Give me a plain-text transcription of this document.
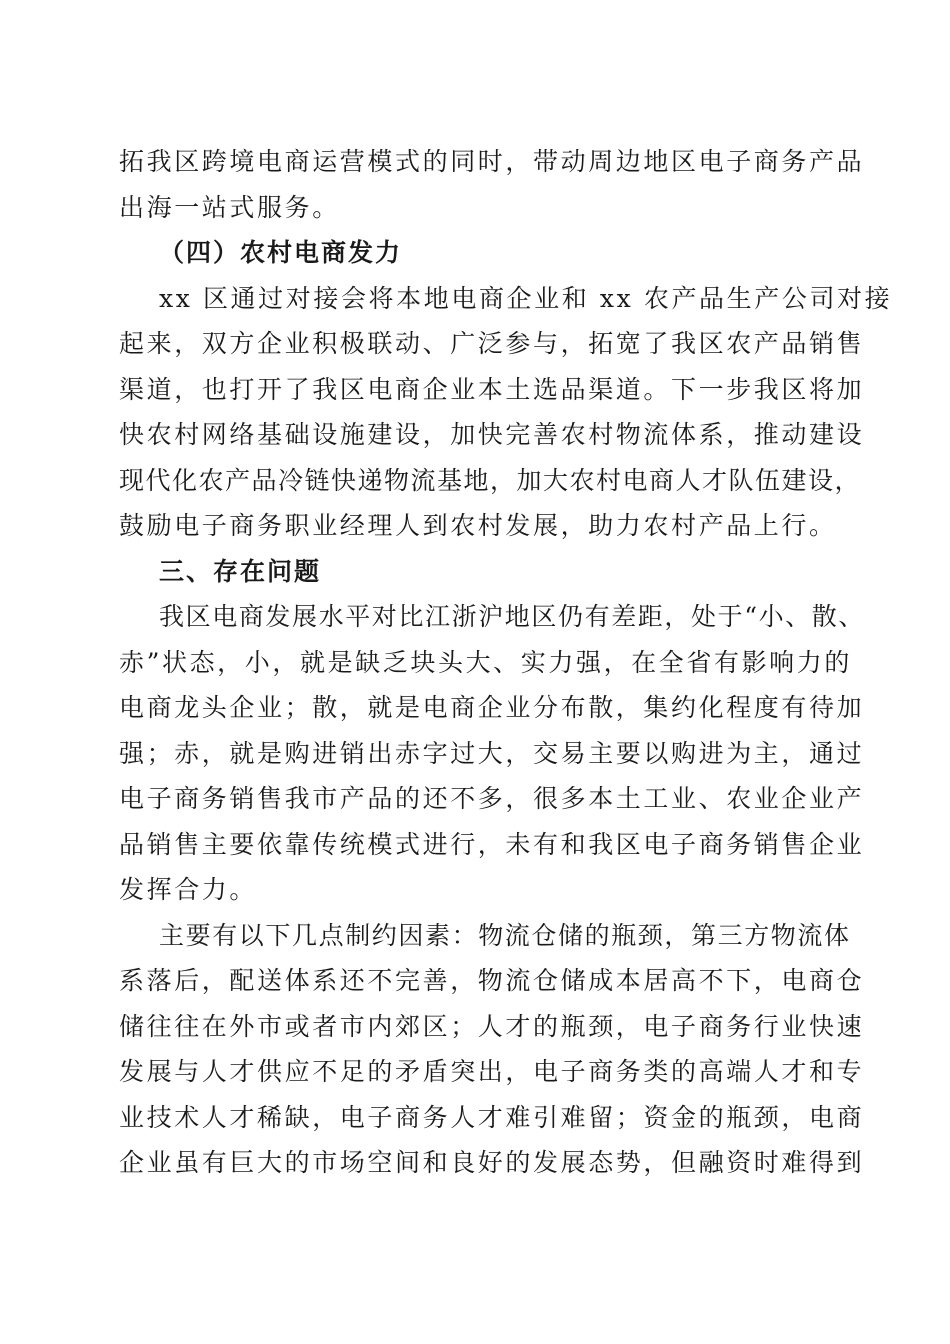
拓我区跨境电商运营模式的同时，带动周边地区电子商务产品
出海一站式服务。
（四）农村电商发力
xx 区通过对接会将本地电商企业和 xx 农产品生产公司对接
起来，双方企业积极联动、广泛参与，拓宽了我区农产品销售
渠道，也打开了我区电商企业本土选品渠道。下一步我区将加
快农村网络基础设施建设，加快完善农村物流体系，推动建设
现代化农产品冷链快递物流基地，加大农村电商人才队伍建设，
鼓励电子商务职业经理人到农村发展，助力农村产品上行。
三、存在问题
我区电商发展水平对比江浙沪地区仍有差距，处于“小、散、
赤”状态，小，就是缺乏块头大、实力强，在全省有影响力的
电商龙头企业；散，就是电商企业分布散，集约化程度有待加
强；赤，就是购进销出赤字过大，交易主要以购进为主，通过
电子商务销售我市产品的还不多，很多本土工业、农业企业产
品销售主要依靠传统模式进行，未有和我区电子商务销售企业
发挥合力。
主要有以下几点制约因素：物流仓储的瓶颈，第三方物流体
系落后，配送体系还不完善，物流仓储成本居高不下，电商仓
储往往在外市或者市内郊区；人才的瓶颈，电子商务行业快速
发展与人才供应不足的矛盾突出，电子商务类的高端人才和专
业技术人才稀缺，电子商务人才难引难留；资金的瓶颈，电商
企业虽有巨大的市场空间和良好的发展态势，但融资时难得到
